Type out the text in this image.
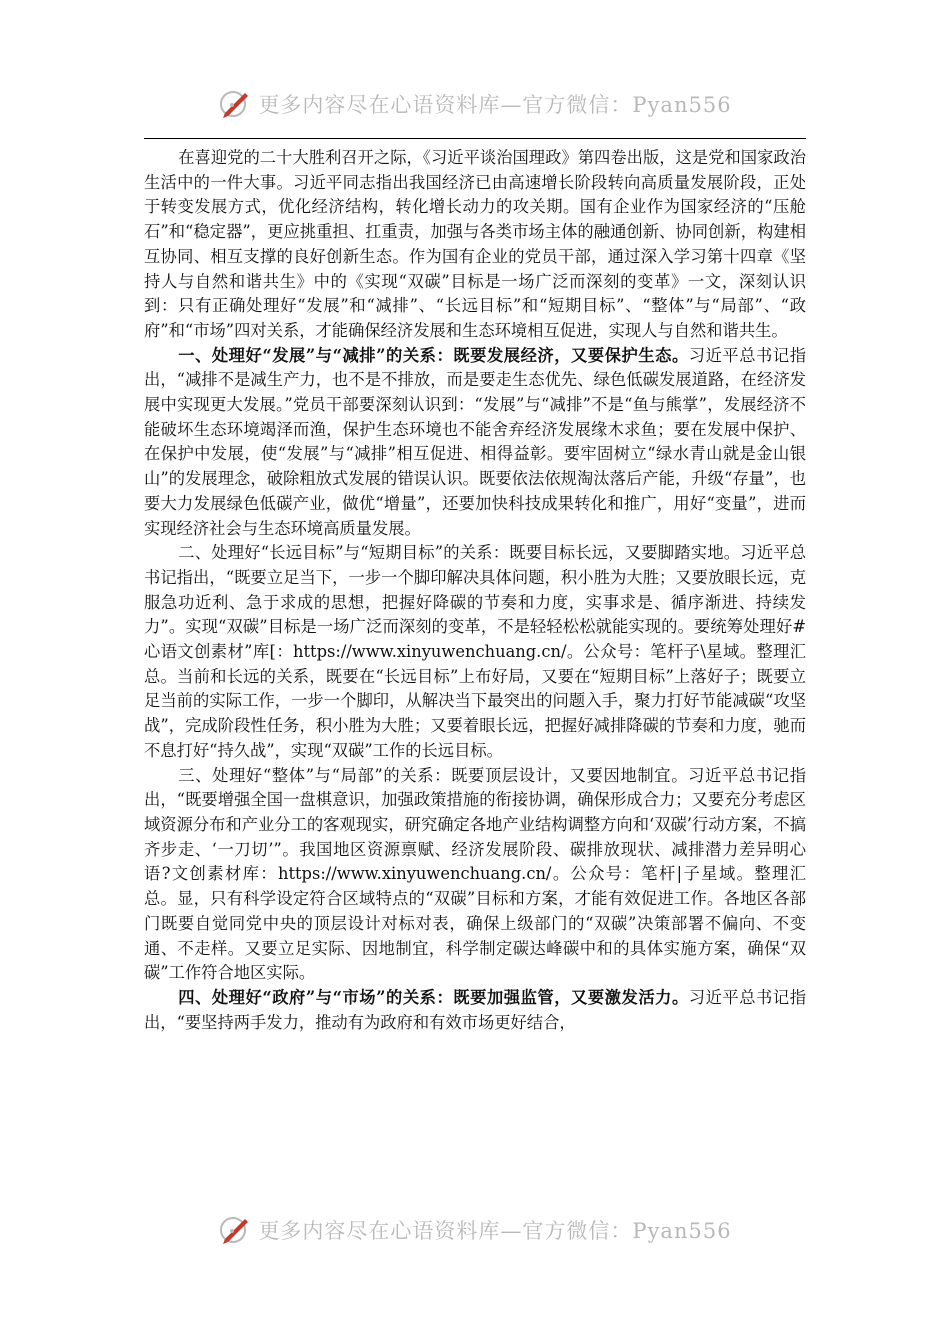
更多内容尽在心语资料库—官方微信：Pyan556

在喜迎党的二十大胜利召开之际，《习近平谈治国理政》第四卷出版，这是党和国家政治生活中的一件大事。习近平同志指出我国经济已由高速增长阶段转向高质量发展阶段，正处于转变发展方式，优化经济结构，转化增长动力的攻关期。国有企业作为国家经济的“压舱石”和“稳定器”，更应挑重担、扛重责，加强与各类市场主体的融通创新、协同创新，构建相互协同、相互支撑的良好创新生态。作为国有企业的党员干部，通过深入学习第十四章《坚持人与自然和谐共生》中的《实现“双碳”目标是一场广泛而深刻的变革》一文，深刻认识到：只有正确处理好“发展”和“减排”、“长远目标”和“短期目标”、“整体”与“局部”、“政府”和“市场”四对关系，才能确保经济发展和生态环境相互促进，实现人与自然和谐共生。

一、处理好“发展”与“减排”的关系：既要发展经济，又要保护生态。习近平总书记指出，“减排不是减生产力，也不是不排放，而是要走生态优先、绿色低碳发展道路，在经济发展中实现更大发展。”党员干部要深刻认识到：“发展”与“减排”不是“鱼与熊掌”，发展经济不能破坏生态环境竭泽而渔，保护生态环境也不能舍弃经济发展缘木求鱼；要在发展中保护、在保护中发展，使“发展”与“减排”相互促进、相得益彰。要牢固树立“绿水青山就是金山银山”的发展理念，破除粗放式发展的错误认识。既要依法依规淘汰落后产能，升级“存量”，也要大力发展绿色低碳产业，做优“增量”，还要加快科技成果转化和推广，用好“变量”，进而实现经济社会与生态环境高质量发展。

二、处理好“长远目标”与“短期目标”的关系：既要目标长远，又要脚踏实地。习近平总书记指出，“既要立足当下，一步一个脚印解决具体问题，积小胜为大胜；又要放眼长远，克服急功近利、急于求成的思想，把握好降碳的节奏和力度，实事求是、循序渐进、持续发力”。实现“双碳”目标是一场广泛而深刻的变革，不是轻轻松松就能实现的。要统筹处理好#心语文创素材”库[：https://www.xinyuwenchuang.cn/。公众号：笔杆子\星域。整理汇总。当前和长远的关系，既要在“长远目标”上布好局，又要在“短期目标”上落好子；既要立足当前的实际工作，一步一个脚印，从解决当下最突出的问题入手，聚力打好节能减碳“攻坚战”，完成阶段性任务，积小胜为大胜；又要着眼长远，把握好减排降碳的节奏和力度，驰而不息打好“持久战”，实现“双碳”工作的长远目标。

三、处理好“整体”与“局部”的关系：既要顶层设计，又要因地制宜。习近平总书记指出，“既要增强全国一盘棋意识，加强政策措施的衔接协调，确保形成合力；又要充分考虑区域资源分布和产业分工的客观现实，研究确定各地产业结构调整方向和‘双碳’行动方案，不搞齐步走、‘一刀切’”。我国地区资源禀赋、经济发展阶段、碳排放现状、减排潜力差异明心语?文创素材库：https://www.xinyuwenchuang.cn/。公众号：笔杆|子星域。整理汇总。显，只有科学设定符合区域特点的“双碳”目标和方案，才能有效促进工作。各地区各部门既要自觉同党中央的顶层设计对标对表，确保上级部门的“双碳”决策部署不偏向、不变通、不走样。又要立足实际、因地制宜，科学制定碳达峰碳中和的具体实施方案，确保“双碳”工作符合地区实际。

四、处理好“政府”与“市场”的关系：既要加强监管，又要激发活力。习近平总书记指出，“要坚持两手发力，推动有为政府和有效市场更好结合，

更多内容尽在心语资料库—官方微信：Pyan556
